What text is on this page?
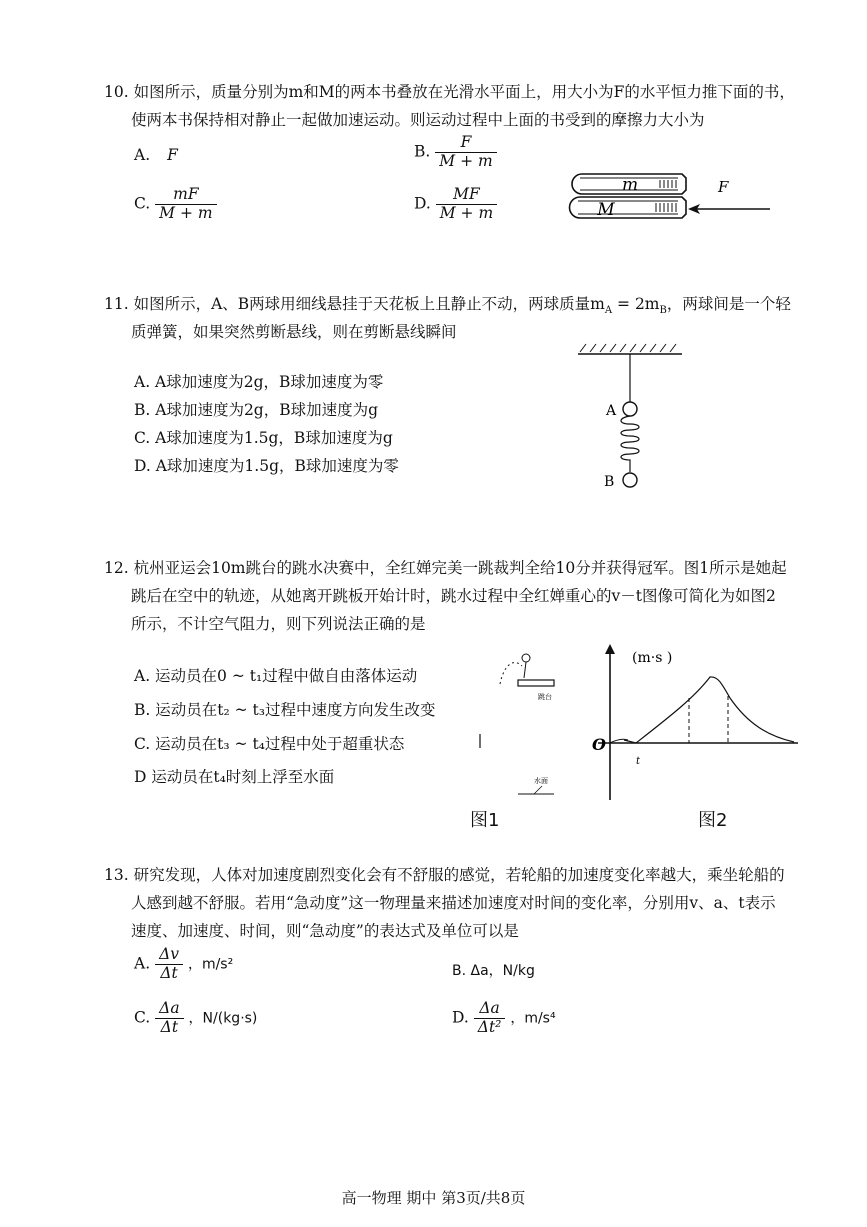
10. 如图所示，质量分别为m和M的两本书叠放在光滑水平面上，用大小为F的水平恒力推下面的书，
使两本书保持相对静止一起做加速运动。则运动过程中上面的书受到的摩擦力大小为
A. F	B. $\frac{F}{M + m}$
C. $\frac{mF}{M + m}$	D. $\frac{MF}{M + m}$
m
M
F
11. 如图所示，A、B两球用细线悬挂于天花板上且静止不动，两球质量$m_A = 2m_B$，两球间是一个轻
质弹簧，如果突然剪断悬线，则在剪断悬线瞬间
A. A球加速度为2g，B球加速度为零
B. A球加速度为2g，B球加速度为g
C. A球加速度为1.5g，B球加速度为g
D. A球加速度为1.5g，B球加速度为零
A
B
12. 杭州亚运会10m跳台的跳水决赛中，全红婵完美一跳裁判全给10分并获得冠军。图1所示是她起
跳后在空中的轨迹，从她离开跳板开始计时，跳水过程中全红婵重心的v－t图像可简化为如图2
所示，不计空气阻力，则下列说法正确的是
A. 运动员在0 ~ t₁过程中做自由落体运动
B. 运动员在t₂ ~ t₃过程中速度方向发生改变
C. 运动员在t₃ ~ t₄过程中处于超重状态
D 运动员在t₄时刻上浮至水面
跳台
水面
图1
(m·s )
O
t
图2
13. 研究发现，人体对加速度剧烈变化会有不舒服的感觉，若轮船的加速度变化率越大，乘坐轮船的
人感到越不舒服。若用“急动度”这一物理量来描述加速度对时间的变化率，分别用v、a、t表示
速度、加速度、时间，则“急动度”的表达式及单位可以是
A. $\frac{\Delta v}{\Delta t}$ ，m/s²	B. Δa，N/kg
C. $\frac{\Delta a}{\Delta t}$ ，N/(kg·s)	D. $\frac{\Delta a}{\text{Δt²}}$ ，m/s⁴
高一物理 期中 第3页/共8页
